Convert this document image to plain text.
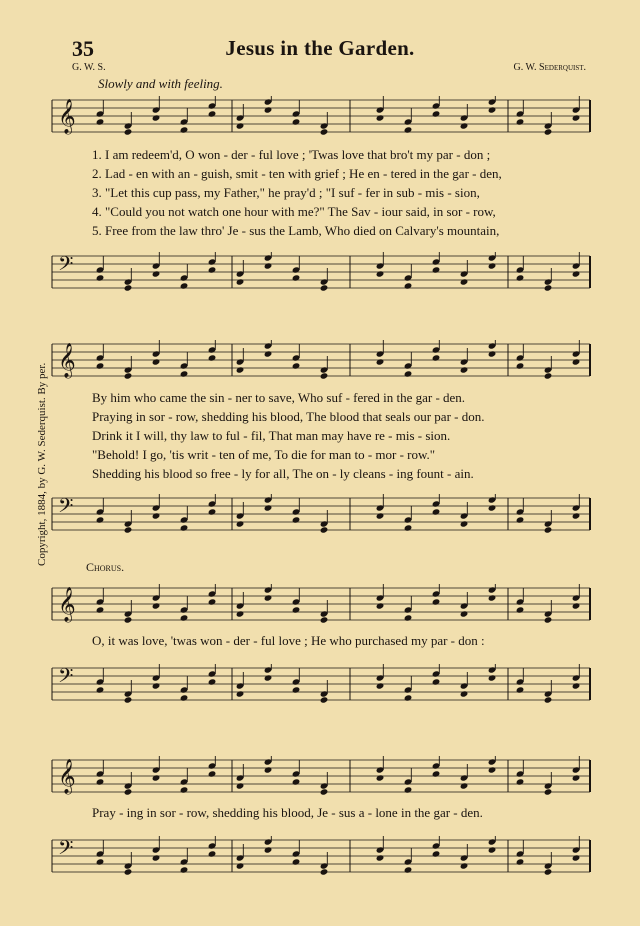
35	Jesus in the Garden.
G. W. S.	G. W. Sederquist.
Slowly and with feeling.
Copyright, 1884, by G. W. Sederquist. By per.
𝄞
1. I am redeem'd, O won - der - ful love ; 'Twas love that bro't my par - don ;
2. Lad - en with an - guish, smit - ten with grief ; He en - tered in the gar - den,
3. "Let this cup pass, my Father," he pray'd ; "I suf - fer in sub - mis - sion,
4. "Could you not watch one hour with me?" The Sav - iour said, in sor - row,
5. Free from the law thro' Je - sus the Lamb, Who died on Calvary's mountain,
𝄢
𝄞
By him who came the sin - ner to save, Who suf - fered in the gar - den.
Praying in sor - row, shedding his blood, The blood that seals our par - don.
Drink it I will, thy law to ful - fil, That man may have re - mis - sion.
"Behold! I go, 'tis writ - ten of me, To die for man to - mor - row."
Shedding his blood so free - ly for all, The on - ly cleans - ing fount - ain.
𝄢
Chorus.
𝄞
O, it was love, 'twas won - der - ful love ; He who purchased my par - don :
𝄢
𝄞
Pray - ing in sor - row, shedding his blood, Je - sus a - lone in the gar - den.
𝄢
